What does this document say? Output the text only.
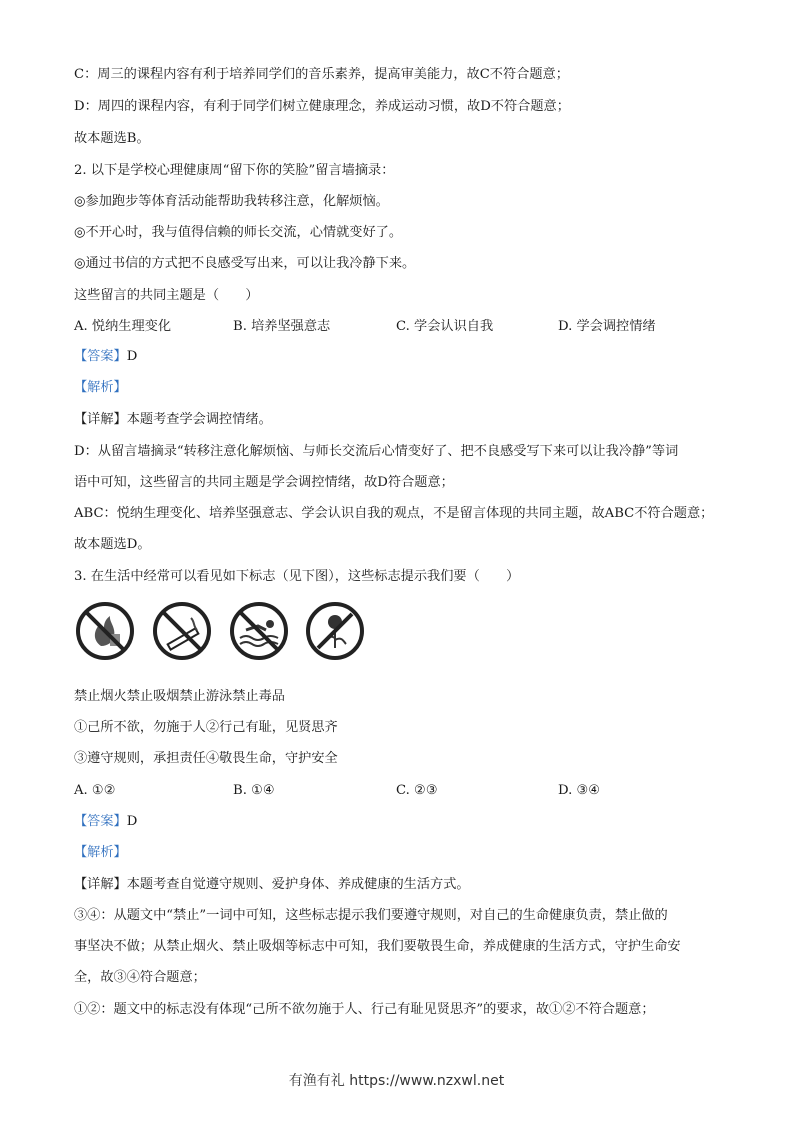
C：周三的课程内容有利于培养同学们的音乐素养，提高审美能力，故C不符合题意；
D：周四的课程内容，有利于同学们树立健康理念，养成运动习惯，故D不符合题意；
故本题选B。
2. 以下是学校心理健康周“留下你的笑脸”留言墙摘录：
◎参加跑步等体育活动能帮助我转移注意，化解烦恼。
◎不开心时，我与值得信赖的师长交流，心情就变好了。
◎通过书信的方式把不良感受写出来，可以让我冷静下来。
这些留言的共同主题是（　　）
A. 悦纳生理变化	B. 培养坚强意志	C. 学会认识自我	D. 学会调控情绪
【答案】D
【解析】
【详解】本题考查学会调控情绪。
D：从留言墙摘录“转移注意化解烦恼、与师长交流后心情变好了、把不良感受写下来可以让我冷静”等词
语中可知，这些留言的共同主题是学会调控情绪，故D符合题意；
ABC：悦纳生理变化、培养坚强意志、学会认识自我的观点，不是留言体现的共同主题，故ABC不符合题意；
故本题选D。
3. 在生活中经常可以看见如下标志（见下图），这些标志提示我们要（　　）
禁止烟火禁止吸烟禁止游泳禁止毒品
①己所不欲，勿施于人②行己有耻，见贤思齐
③遵守规则，承担责任④敬畏生命，守护安全
A. ①②	B. ①④	C. ②③	D. ③④
【答案】D
【解析】
【详解】本题考查自觉遵守规则、爱护身体、养成健康的生活方式。
③④：从题文中“禁止”一词中可知，这些标志提示我们要遵守规则，对自己的生命健康负责，禁止做的
事坚决不做；从禁止烟火、禁止吸烟等标志中可知，我们要敬畏生命，养成健康的生活方式，守护生命安
全，故③④符合题意；
①②：题文中的标志没有体现“己所不欲勿施于人、行己有耻见贤思齐”的要求，故①②不符合题意；
有渔有礼 https://www.nzxwl.net
